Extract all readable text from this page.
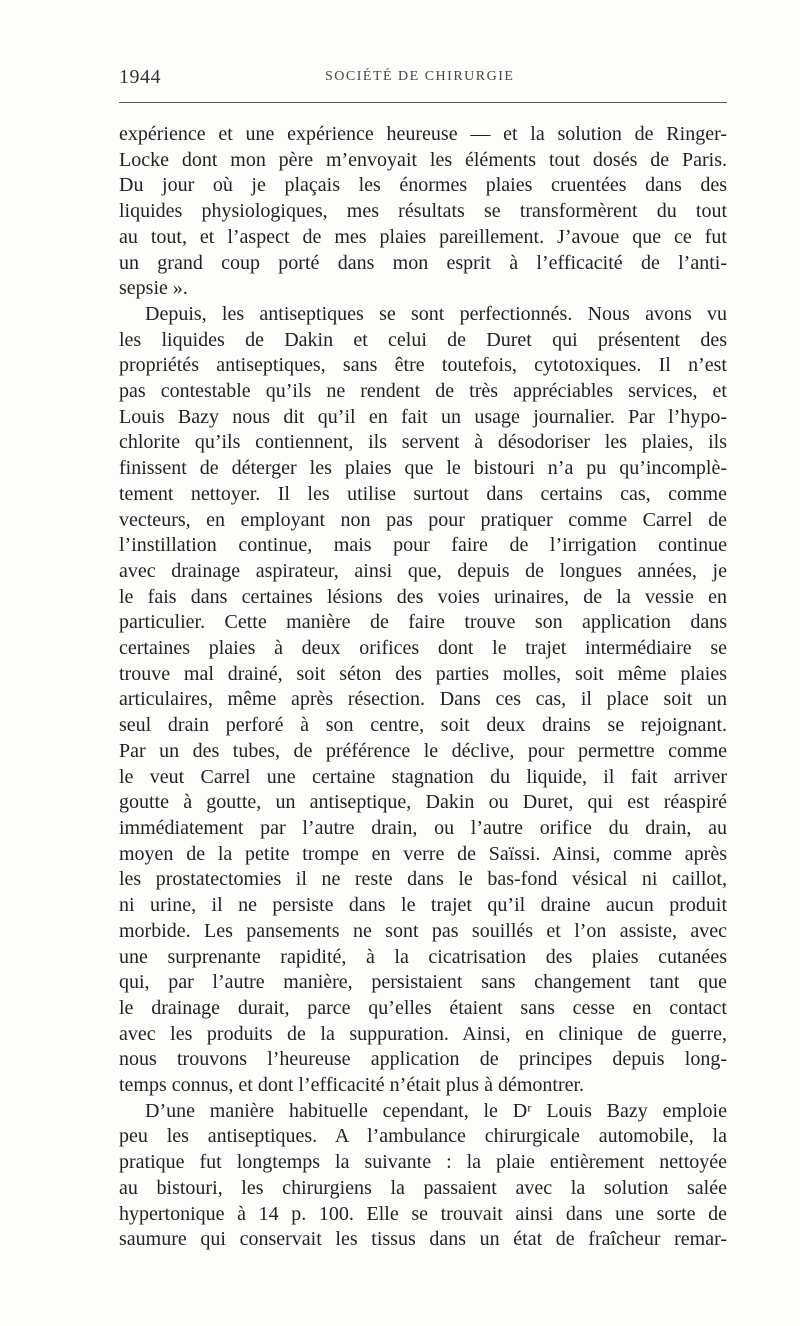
1944	SOCIÉTÉ DE CHIRURGIE

expérience et une expérience heureuse — et la solution de Ringer-

Locke dont mon père m’envoyait les éléments tout dosés de Paris.

Du jour où je plaçais les énormes plaies cruentées dans des

liquides physiologiques, mes résultats se transformèrent du tout

au tout, et l’aspect de mes plaies pareillement. J’avoue que ce fut

un grand coup porté dans mon esprit à l’efficacité de l’anti-

sepsie ».

Depuis, les antiseptiques se sont perfectionnés. Nous avons vu

les liquides de Dakin et celui de Duret qui présentent des

propriétés antiseptiques, sans être toutefois, cytotoxiques. Il n’est

pas contestable qu’ils ne rendent de très appréciables services, et

Louis Bazy nous dit qu’il en fait un usage journalier. Par l’hypo-

chlorite qu’ils contiennent, ils servent à désodoriser les plaies, ils

finissent de déterger les plaies que le bistouri n’a pu qu’incomplè-

tement nettoyer. Il les utilise surtout dans certains cas, comme

vecteurs, en employant non pas pour pratiquer comme Carrel de

l’instillation continue, mais pour faire de l’irrigation continue

avec drainage aspirateur, ainsi que, depuis de longues années, je

le fais dans certaines lésions des voies urinaires, de la vessie en

particulier. Cette manière de faire trouve son application dans

certaines plaies à deux orifices dont le trajet intermédiaire se

trouve mal drainé, soit séton des parties molles, soit même plaies

articulaires, même après résection. Dans ces cas, il place soit un

seul drain perforé à son centre, soit deux drains se rejoignant.

Par un des tubes, de préférence le déclive, pour permettre comme

le veut Carrel une certaine stagnation du liquide, il fait arriver

goutte à goutte, un antiseptique, Dakin ou Duret, qui est réaspiré

immédiatement par l’autre drain, ou l’autre orifice du drain, au

moyen de la petite trompe en verre de Saïssi. Ainsi, comme après

les prostatectomies il ne reste dans le bas-fond vésical ni caillot,

ni urine, il ne persiste dans le trajet qu’il draine aucun produit

morbide. Les pansements ne sont pas souillés et l’on assiste, avec

une surprenante rapidité, à la cicatrisation des plaies cutanées

qui, par l’autre manière, persistaient sans changement tant que

le drainage durait, parce qu’elles étaient sans cesse en contact

avec les produits de la suppuration. Ainsi, en clinique de guerre,

nous trouvons l’heureuse application de principes depuis long-

temps connus, et dont l’efficacité n’était plus à démontrer.

D’une manière habituelle cependant, le Dʳ Louis Bazy emploie

peu les antiseptiques. A l’ambulance chirurgicale automobile, la

pratique fut longtemps la suivante : la plaie entièrement nettoyée

au bistouri, les chirurgiens la passaient avec la solution salée

hypertonique à 14 p. 100. Elle se trouvait ainsi dans une sorte de

saumure qui conservait les tissus dans un état de fraîcheur remar-
